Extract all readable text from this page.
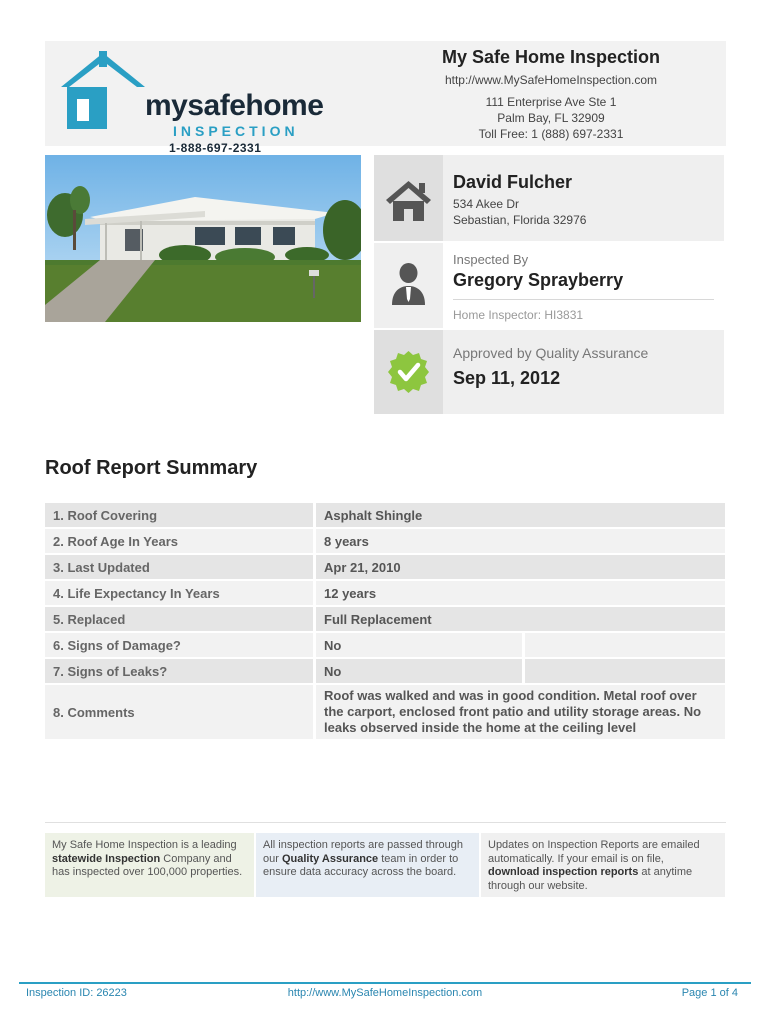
mysafehome
INSPECTION
1-888-697-2331
My Safe Home Inspection
http://www.MySafeHomeInspection.com
111 Enterprise Ave Ste 1
Palm Bay, FL 32909
Toll Free: 1 (888) 697-2331
David Fulcher
534 Akee Dr
Sebastian, Florida 32976
Inspected By
Gregory Sprayberry
Home Inspector: HI3831
Approved by Quality Assurance
Sep 11, 2012
Roof Report Summary
1. Roof Covering		Asphalt Shingle		
2. Roof Age In Years		8 years		
3. Last Updated		Apr 21, 2010		
4. Life Expectancy In Years		12 years		
5. Replaced		Full Replacement		
6. Signs of Damage?		No		
7. Signs of Leaks?		No		
8. Comments		Roof was walked and was in good condition. Metal roof over the carport, enclosed front patio and utility storage areas. No leaks observed inside the home at the ceiling level		
My Safe Home Inspection is a leading statewide Inspection Company and has inspected over 100,000 properties.
All inspection reports are passed through our Quality Assurance team in order to ensure data accuracy across the board.
Updates on Inspection Reports are emailed automatically. If your email is on file, download inspection reports at anytime through our website.
http://www.MySafeHomeInspection.com
Inspection ID: 26223	Page 1 of 4
